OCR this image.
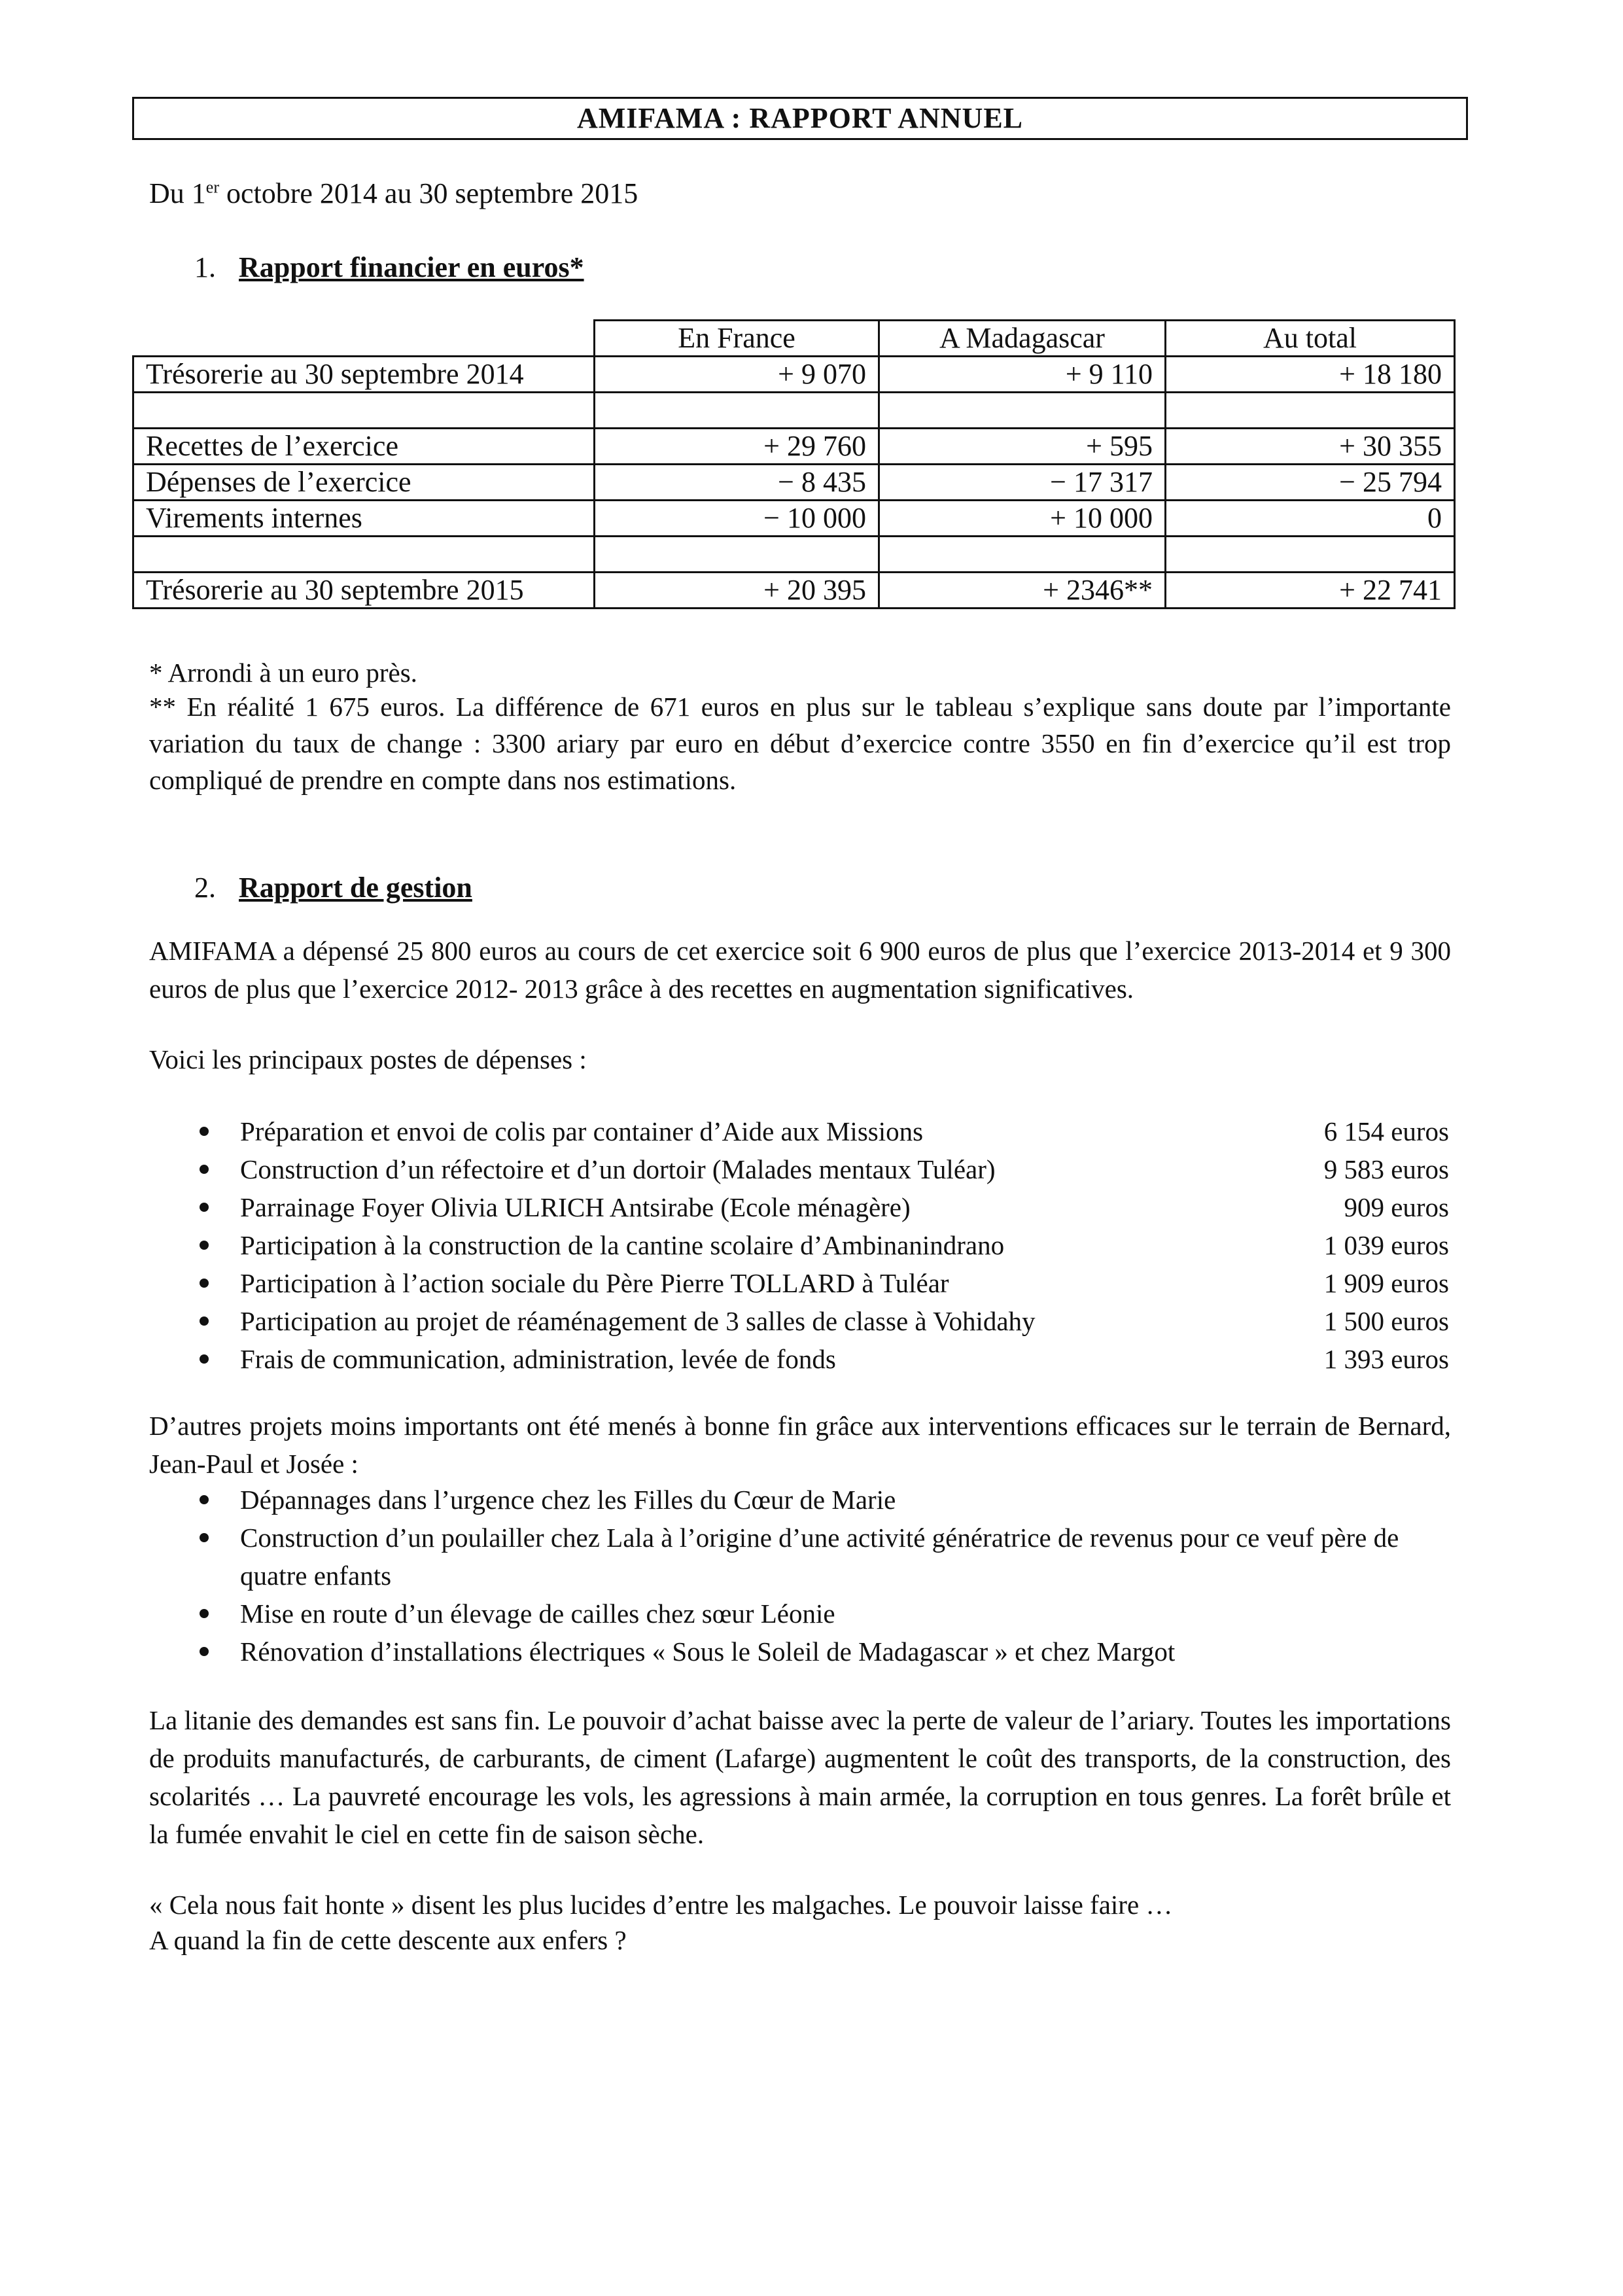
AMIFAMA : RAPPORT ANNUEL
Du 1er octobre 2014 au 30 septembre 2015
1. Rapport financier en euros*
	En France	A Madagascar	Au total
Trésorerie au 30 septembre 2014	+ 9 070	+ 9 110	+ 18 180

Recettes de l’exercice	+ 29 760	+ 595	+ 30 355
Dépenses de l’exercice	− 8 435	− 17 317	− 25 794
Virements internes	− 10 000	+ 10 000	0

Trésorerie au 30 septembre 2015	+ 20 395	+ 2346**	+ 22 741
* Arrondi à un euro près.
** En réalité 1 675 euros. La différence de 671 euros en plus sur le tableau s’explique sans doute par l’importante variation du taux de change : 3300 ariary par euro en début d’exercice contre 3550 en fin d’exercice qu’il est trop compliqué de prendre en compte dans nos estimations.
2. Rapport de gestion
AMIFAMA a dépensé 25 800 euros au cours de cet exercice soit 6 900 euros de plus que l’exercice 2013-2014 et 9 300 euros de plus que l’exercice 2012- 2013 grâce à des recettes en augmentation significatives.
Voici les principaux postes de dépenses :
Préparation et envoi de colis par container d’Aide aux Missions	6 154 euros
Construction d’un réfectoire et d’un dortoir (Malades mentaux Tuléar)	9 583 euros
Parrainage Foyer Olivia ULRICH Antsirabe (Ecole ménagère)	909 euros
Participation à la construction de la cantine scolaire d’Ambinanindrano	1 039 euros
Participation à l’action sociale du Père Pierre TOLLARD à Tuléar	1 909 euros
Participation au projet de réaménagement de 3 salles de classe à Vohidahy	1 500 euros
Frais de communication, administration, levée de fonds	1 393 euros
D’autres projets moins importants ont été menés à bonne fin grâce aux interventions efficaces sur le terrain de Bernard, Jean-Paul et Josée :
Dépannages dans l’urgence chez les Filles du Cœur de Marie
Construction d’un poulailler chez Lala à l’origine d’une activité génératrice de revenus pour ce veuf père de quatre enfants
Mise en route d’un élevage de cailles chez sœur Léonie
Rénovation d’installations électriques « Sous le Soleil de Madagascar » et chez Margot
La litanie des demandes est sans fin. Le pouvoir d’achat baisse avec la perte de valeur de l’ariary. Toutes les importations de produits manufacturés, de carburants, de ciment (Lafarge) augmentent le coût des transports, de la construction, des scolarités … La pauvreté encourage les vols, les agressions à main armée, la corruption en tous genres. La forêt brûle et la fumée envahit le ciel en cette fin de saison sèche.
« Cela nous fait honte » disent les plus lucides d’entre les malgaches. Le pouvoir laisse faire …
A quand la fin de cette descente aux enfers ?
